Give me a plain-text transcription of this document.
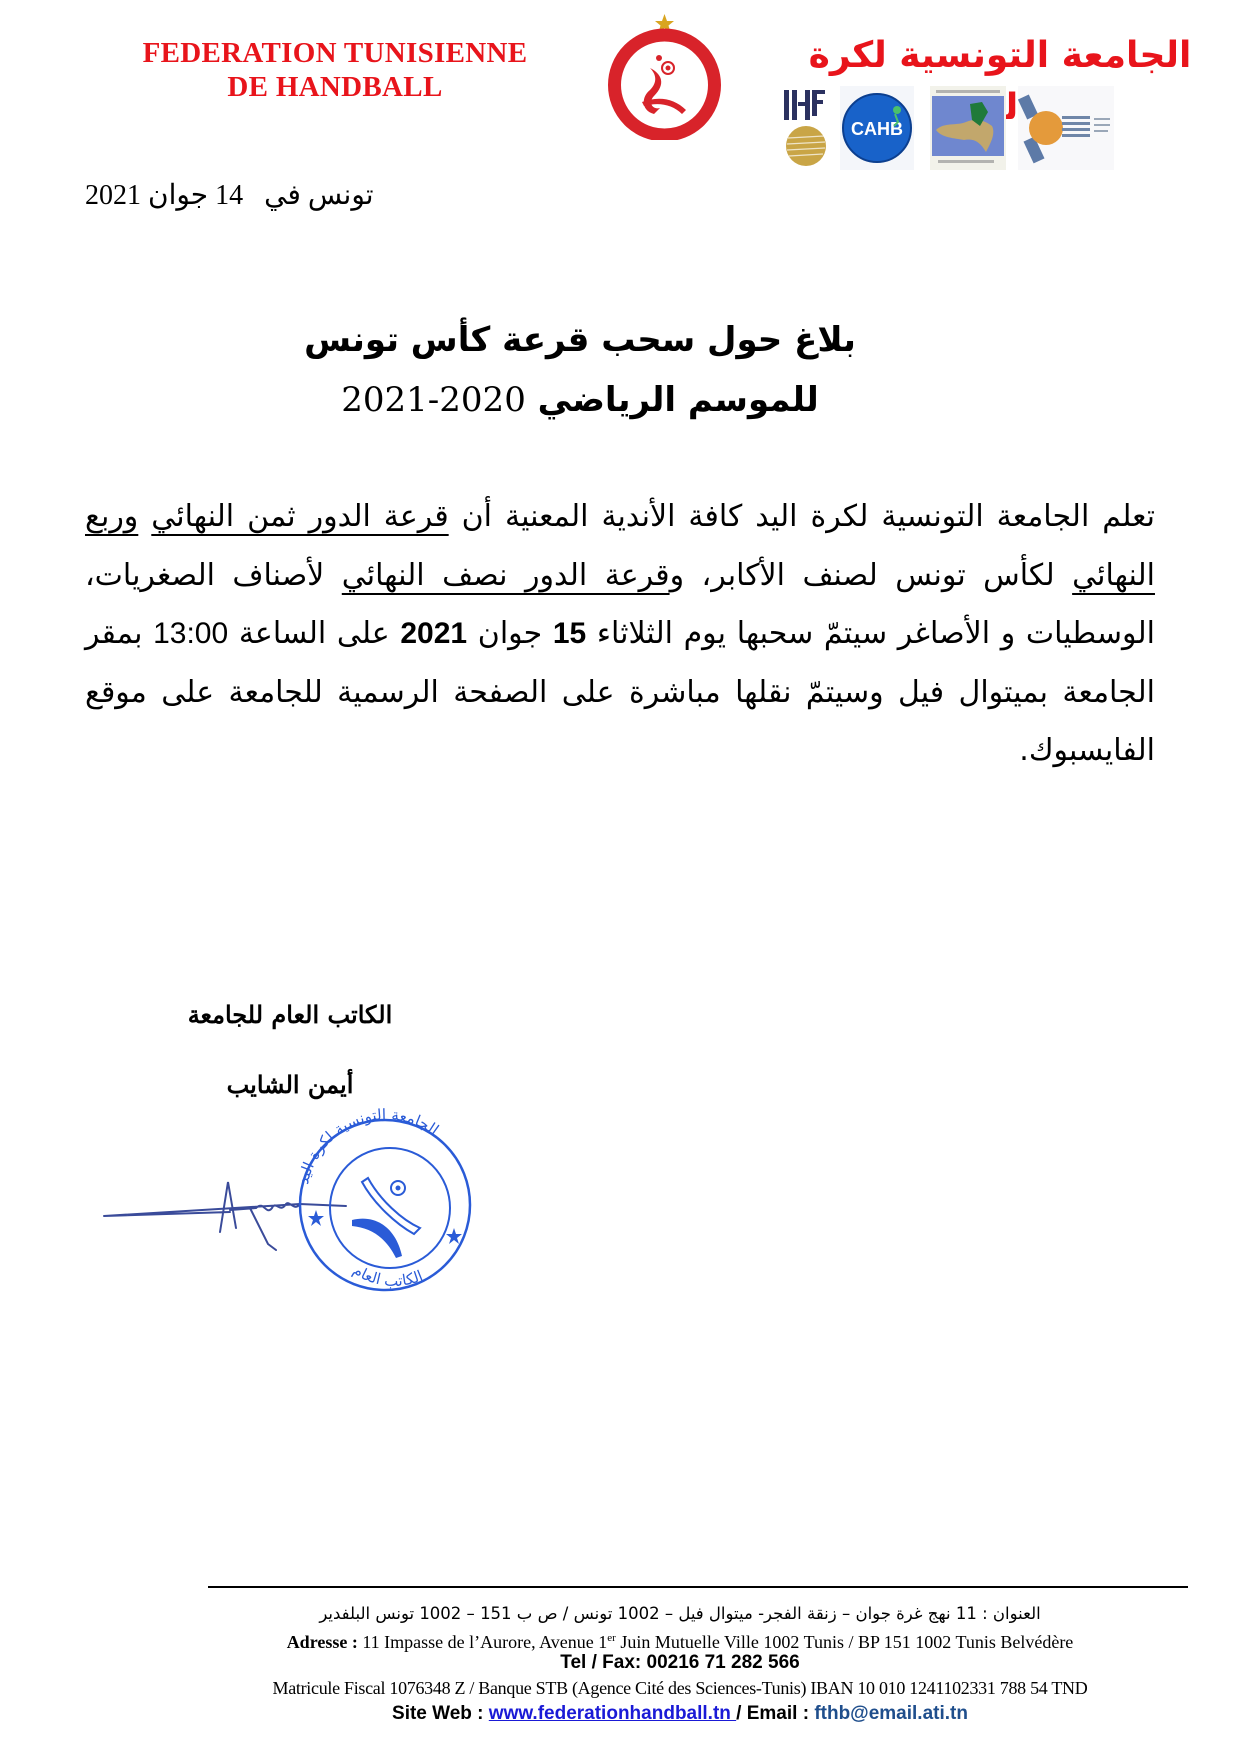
FEDERATION TUNISIENNE
DE HANDBALL
الجامعة التونسية لكرة
CAHB
تونس في   14 جوان 2021
بلاغ حول سحب قرعة كأس تونس
للموسم الرياضي 2020-2021
تعلم الجامعة التونسية لكرة اليد كافة الأندية المعنية أن قرعة الدور ثمن النهائي وربع النهائي لكأس تونس لصنف الأكابر، وقرعة الدور نصف النهائي لأصناف الصغريات، الوسطيات و الأصاغر سيتمّ سحبها يوم الثلاثاء 15 جوان 2021 على الساعة 13:00 بمقر الجامعة بميتوال فيل وسيتمّ نقلها مباشرة على الصفحة الرسمية للجامعة على موقع الفايسبوك.
الكاتب العام للجامعة
أيمن الشايب
الجامعة التونسية لكرة اليد
الكاتب العام
العنوان : 11 نهج غرة جوان – زنقة الفجر- ميتوال فيل – 1002 تونس / ص ب 151 – 1002 تونس البلفدير
Adresse : 11 Impasse de l’Aurore, Avenue 1er Juin Mutuelle Ville 1002 Tunis / BP 151 1002 Tunis Belvédère
Tel / Fax: 00216 71 282 566
Matricule Fiscal 1076348 Z / Banque STB (Agence Cité des Sciences-Tunis) IBAN 10 010 1241102331 788 54 TND
Site Web : www.federationhandball.tn / Email : fthb@email.ati.tn
